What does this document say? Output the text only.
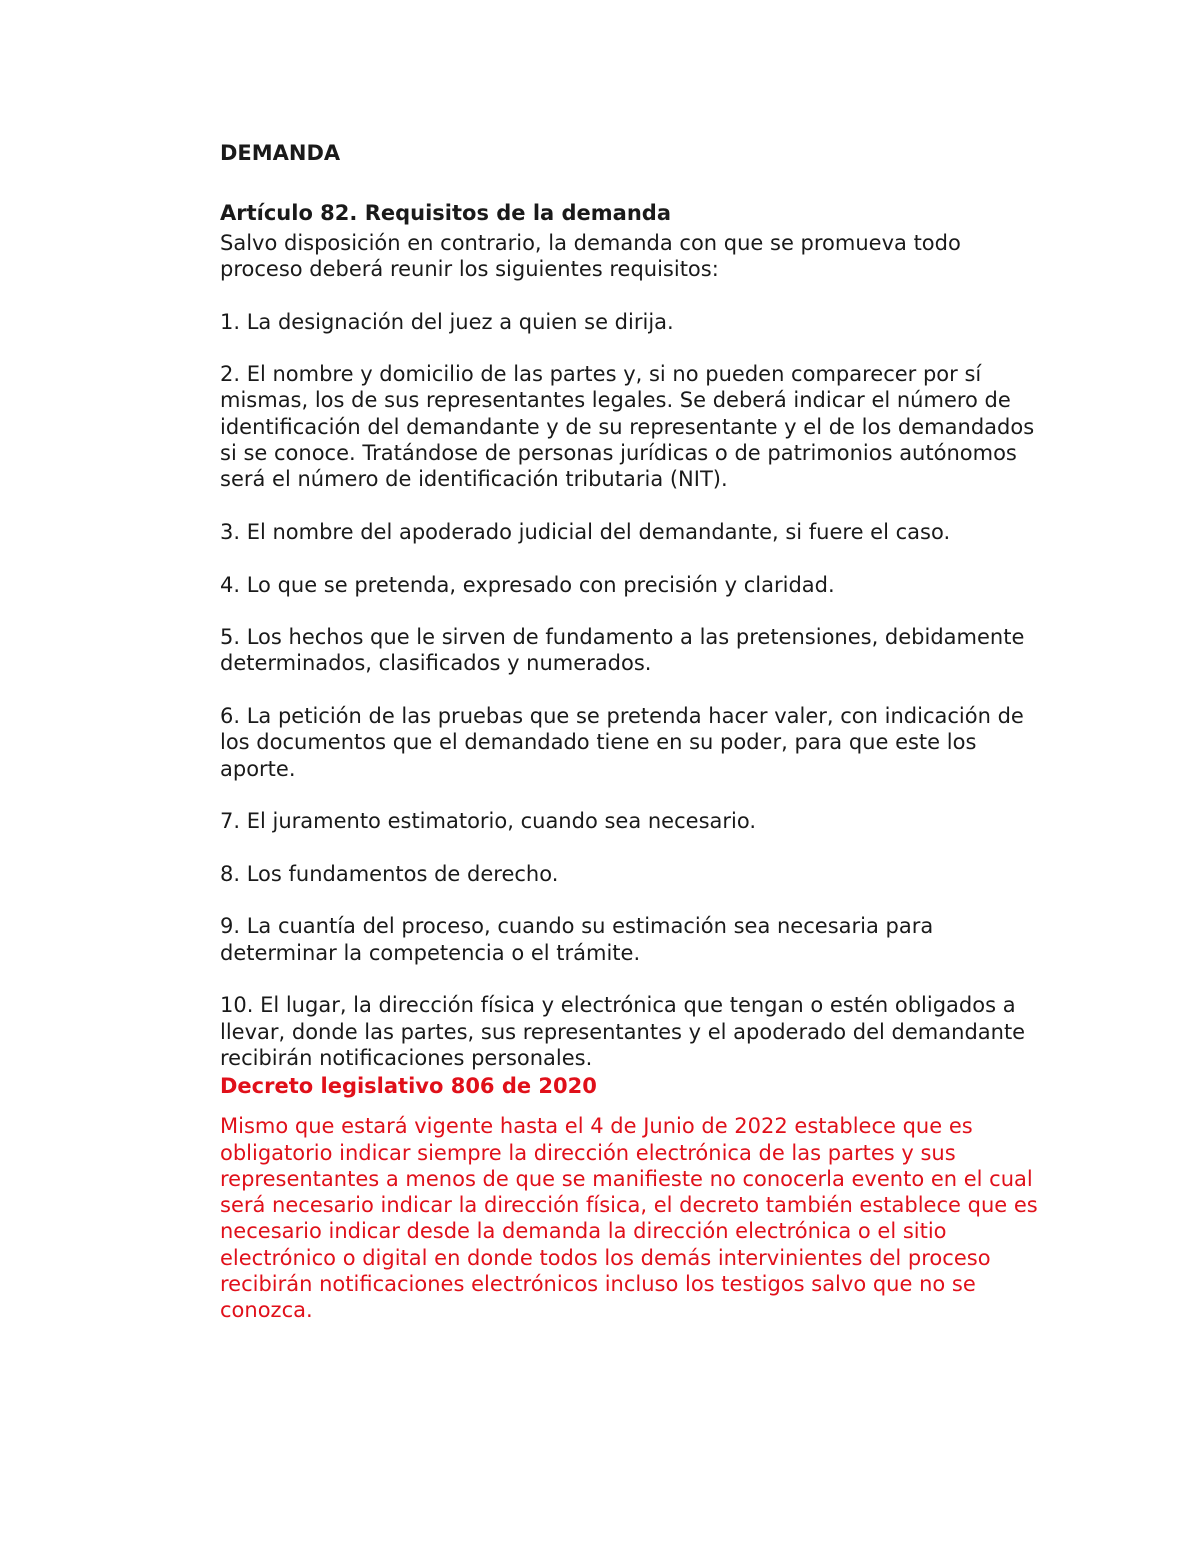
DEMANDA
Artículo 82. Requisitos de la demanda

Salvo disposición en contrario, la demanda con que se promueva todo proceso deberá reunir los siguientes requisitos:

1. La designación del juez a quien se dirija.

2. El nombre y domicilio de las partes y, si no pueden comparecer por sí mismas, los de sus representantes legales. Se deberá indicar el número de identificación del demandante y de su representante y el de los demandados si se conoce. Tratándose de personas jurídicas o de patrimonios autónomos será el número de identificación tributaria (NIT).

3. El nombre del apoderado judicial del demandante, si fuere el caso.

4. Lo que se pretenda, expresado con precisión y claridad.

5. Los hechos que le sirven de fundamento a las pretensiones, debidamente determinados, clasificados y numerados.

6. La petición de las pruebas que se pretenda hacer valer, con indicación de los documentos que el demandado tiene en su poder, para que este los aporte.

7. El juramento estimatorio, cuando sea necesario.

8. Los fundamentos de derecho.

9. La cuantía del proceso, cuando su estimación sea necesaria para determinar la competencia o el trámite.

10. El lugar, la dirección física y electrónica que tengan o estén obligados a llevar, donde las partes, sus representantes y el apoderado del demandante recibirán notificaciones personales.

Decreto legislativo 806 de 2020

Mismo que estará vigente hasta el 4 de Junio de 2022 establece que es obligatorio indicar siempre la dirección electrónica de las partes y sus representantes a menos de que se manifieste no conocerla evento en el cual será necesario indicar la dirección física, el decreto también establece que es necesario indicar desde la demanda la dirección electrónica o el sitio electrónico o digital en donde todos los demás intervinientes del proceso recibirán notificaciones electrónicos incluso los testigos salvo que no se conozca.
